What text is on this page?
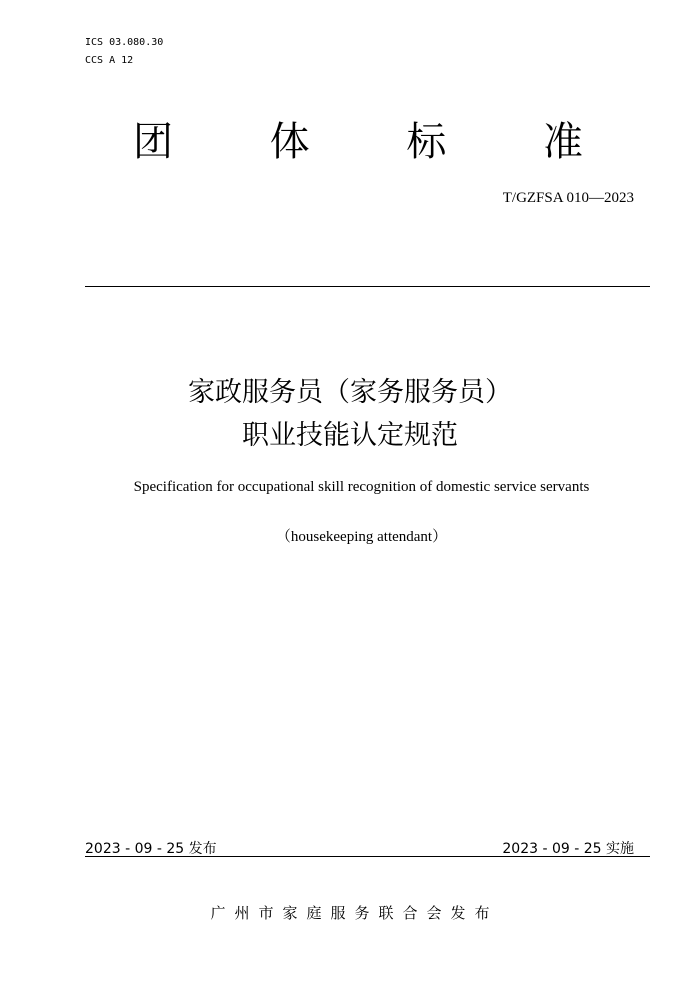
ICS 03.080.30
CCS A 12
团	体	标	准
T/GZFSA 010—2023
家政服务员（家务服务员）
职业技能认定规范
Specification for occupational skill recognition of domestic service servants
（housekeeping attendant）
2023 - 09 - 25 发布	2023 - 09 - 25 实施
广州市家庭服务联合会发布
